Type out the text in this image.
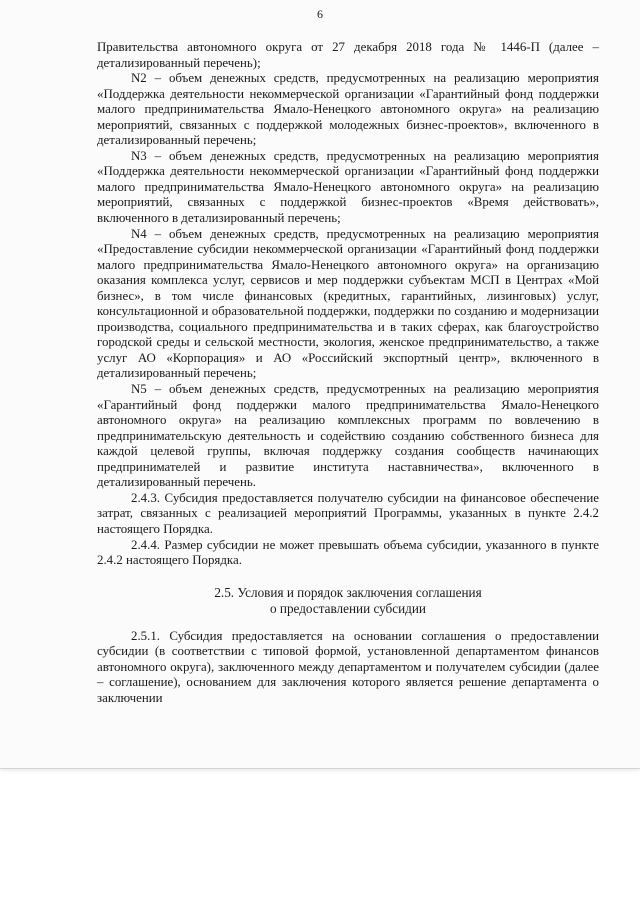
6

Правительства автономного округа от 27 декабря 2018 года № 1446-П (далее – детализированный перечень);

N2 – объем денежных средств, предусмотренных на реализацию мероприятия «Поддержка деятельности некоммерческой организации «Гарантийный фонд поддержки малого предпринимательства Ямало-Ненецкого автономного округа» на реализацию мероприятий, связанных с поддержкой молодежных бизнес-проектов», включенного в детализированный перечень;

N3 – объем денежных средств, предусмотренных на реализацию мероприятия «Поддержка деятельности некоммерческой организации «Гарантийный фонд поддержки малого предпринимательства Ямало-Ненецкого автономного округа» на реализацию мероприятий, связанных с поддержкой бизнес-проектов «Время действовать», включенного в детализированный перечень;

N4 – объем денежных средств, предусмотренных на реализацию мероприятия «Предоставление субсидии некоммерческой организации «Гарантийный фонд поддержки малого предпринимательства Ямало-Ненецкого автономного округа» на организацию оказания комплекса услуг, сервисов и мер поддержки субъектам МСП в Центрах «Мой бизнес», в том числе финансовых (кредитных, гарантийных, лизинговых) услуг, консультационной и образовательной поддержки, поддержки по созданию и модернизации производства, социального предпринимательства и в таких сферах, как благоустройство городской среды и сельской местности, экология, женское предпринимательство, а также услуг АО «Корпорация» и АО «Российский экспортный центр», включенного в детализированный перечень;

N5 – объем денежных средств, предусмотренных на реализацию мероприятия «Гарантийный фонд поддержки малого предпринимательства Ямало-Ненецкого автономного округа» на реализацию комплексных программ по вовлечению в предпринимательскую деятельность и содействию созданию собственного бизнеса для каждой целевой группы, включая поддержку создания сообществ начинающих предпринимателей и развитие института наставничества», включенного в детализированный перечень.

2.4.3. Субсидия предоставляется получателю субсидии на финансовое обеспечение затрат, связанных с реализацией мероприятий Программы, указанных в пункте 2.4.2 настоящего Порядка.

2.4.4. Размер субсидии не может превышать объема субсидии, указанного в пункте 2.4.2 настоящего Порядка.

2.5. Условия и порядок заключения соглашения
о предоставлении субсидии

2.5.1. Субсидия предоставляется на основании соглашения о предоставлении субсидии (в соответствии с типовой формой, установленной департаментом финансов автономного округа), заключенного между департаментом и получателем субсидии (далее – соглашение), основанием для заключения которого является решение департамента о заключении
